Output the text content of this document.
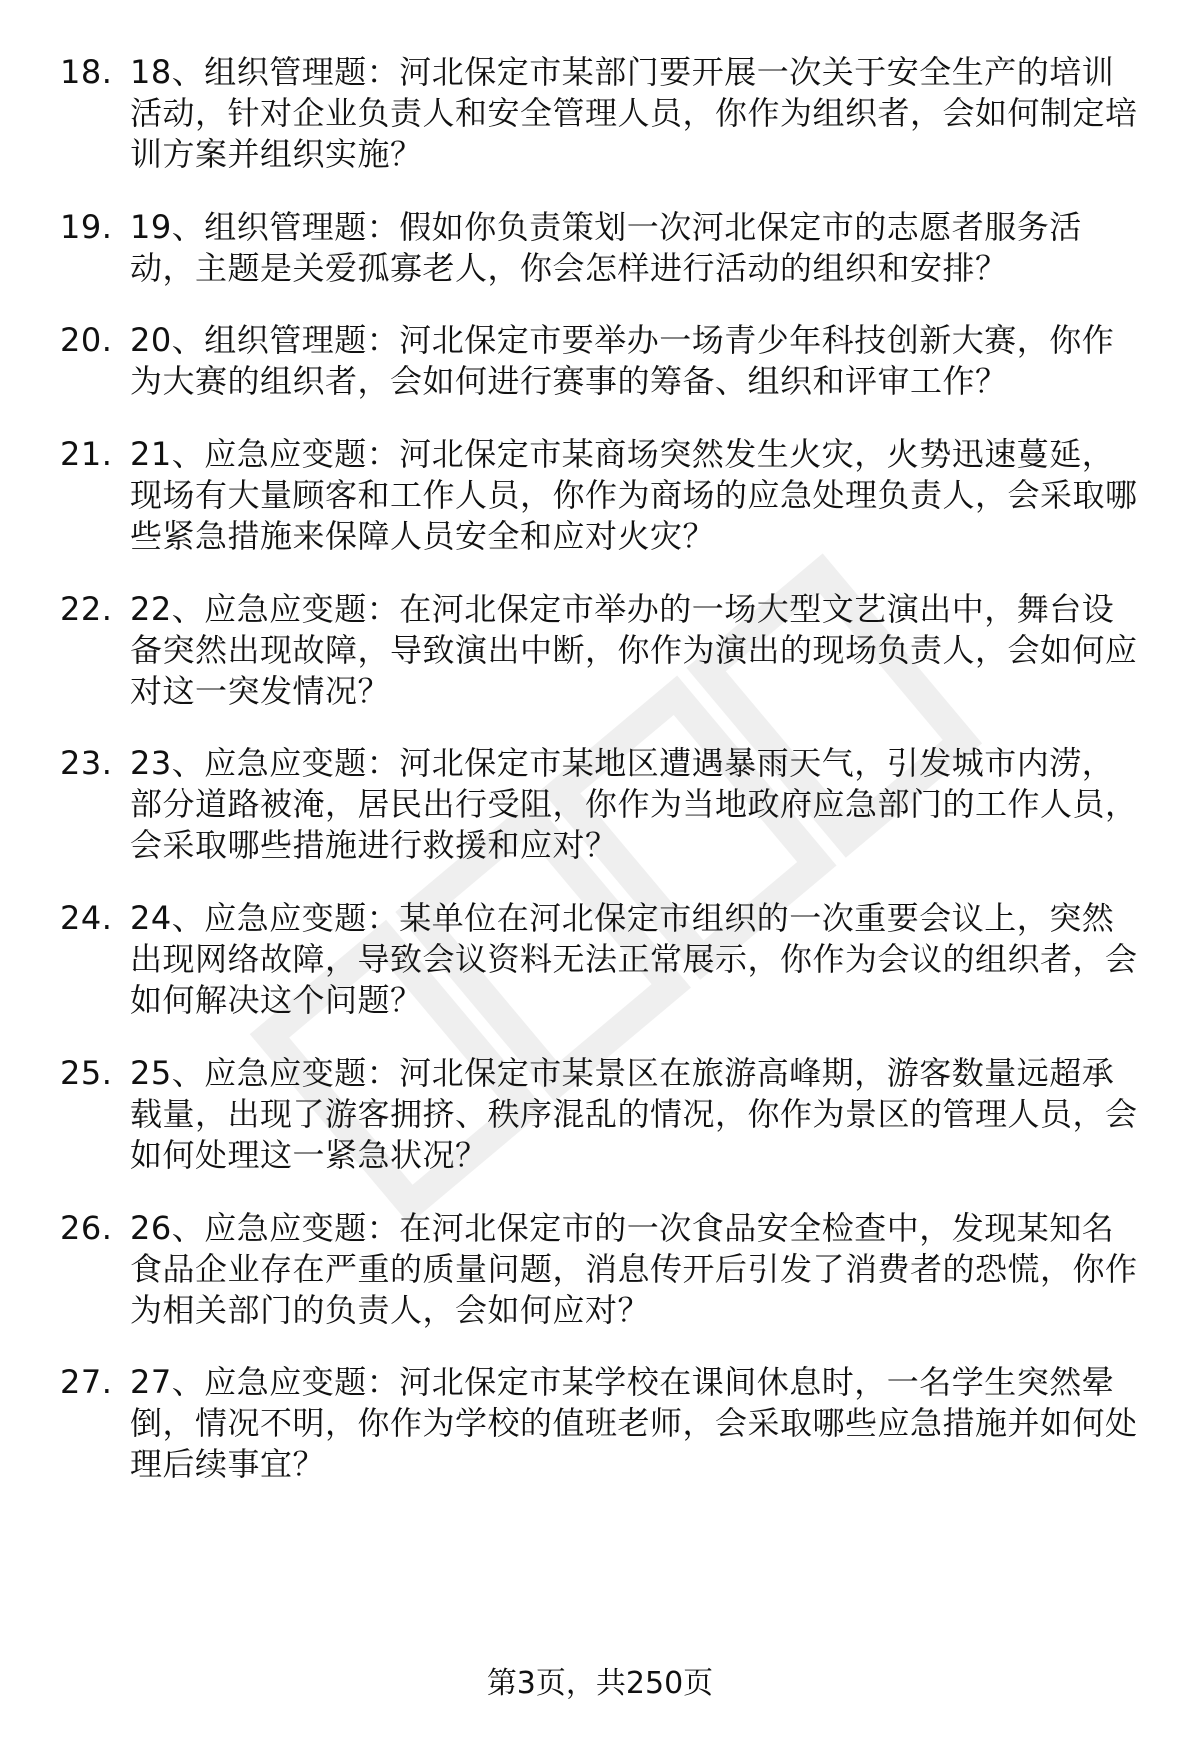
18. 18、组织管理题：河北保定市某部门要开展一次关于安全生产的培训活动，针对企业负责人和安全管理人员，你作为组织者，会如何制定培训方案并组织实施？
19. 19、组织管理题：假如你负责策划一次河北保定市的志愿者服务活动，主题是关爱孤寡老人，你会怎样进行活动的组织和安排？
20. 20、组织管理题：河北保定市要举办一场青少年科技创新大赛，你作为大赛的组织者，会如何进行赛事的筹备、组织和评审工作？
21. 21、应急应变题：河北保定市某商场突然发生火灾，火势迅速蔓延，现场有大量顾客和工作人员，你作为商场的应急处理负责人，会采取哪些紧急措施来保障人员安全和应对火灾？
22. 22、应急应变题：在河北保定市举办的一场大型文艺演出中，舞台设备突然出现故障，导致演出中断，你作为演出的现场负责人，会如何应对这一突发情况？
23. 23、应急应变题：河北保定市某地区遭遇暴雨天气，引发城市内涝，部分道路被淹，居民出行受阻，你作为当地政府应急部门的工作人员，会采取哪些措施进行救援和应对？
24. 24、应急应变题：某单位在河北保定市组织的一次重要会议上，突然出现网络故障，导致会议资料无法正常展示，你作为会议的组织者，会如何解决这个问题？
25. 25、应急应变题：河北保定市某景区在旅游高峰期，游客数量远超承载量，出现了游客拥挤、秩序混乱的情况，你作为景区的管理人员，会如何处理这一紧急状况？
26. 26、应急应变题：在河北保定市的一次食品安全检查中，发现某知名食品企业存在严重的质量问题，消息传开后引发了消费者的恐慌，你作为相关部门的负责人，会如何应对？
27. 27、应急应变题：河北保定市某学校在课间休息时，一名学生突然晕倒，情况不明，你作为学校的值班老师，会采取哪些应急措施并如何处理后续事宜？
第3页，共250页
